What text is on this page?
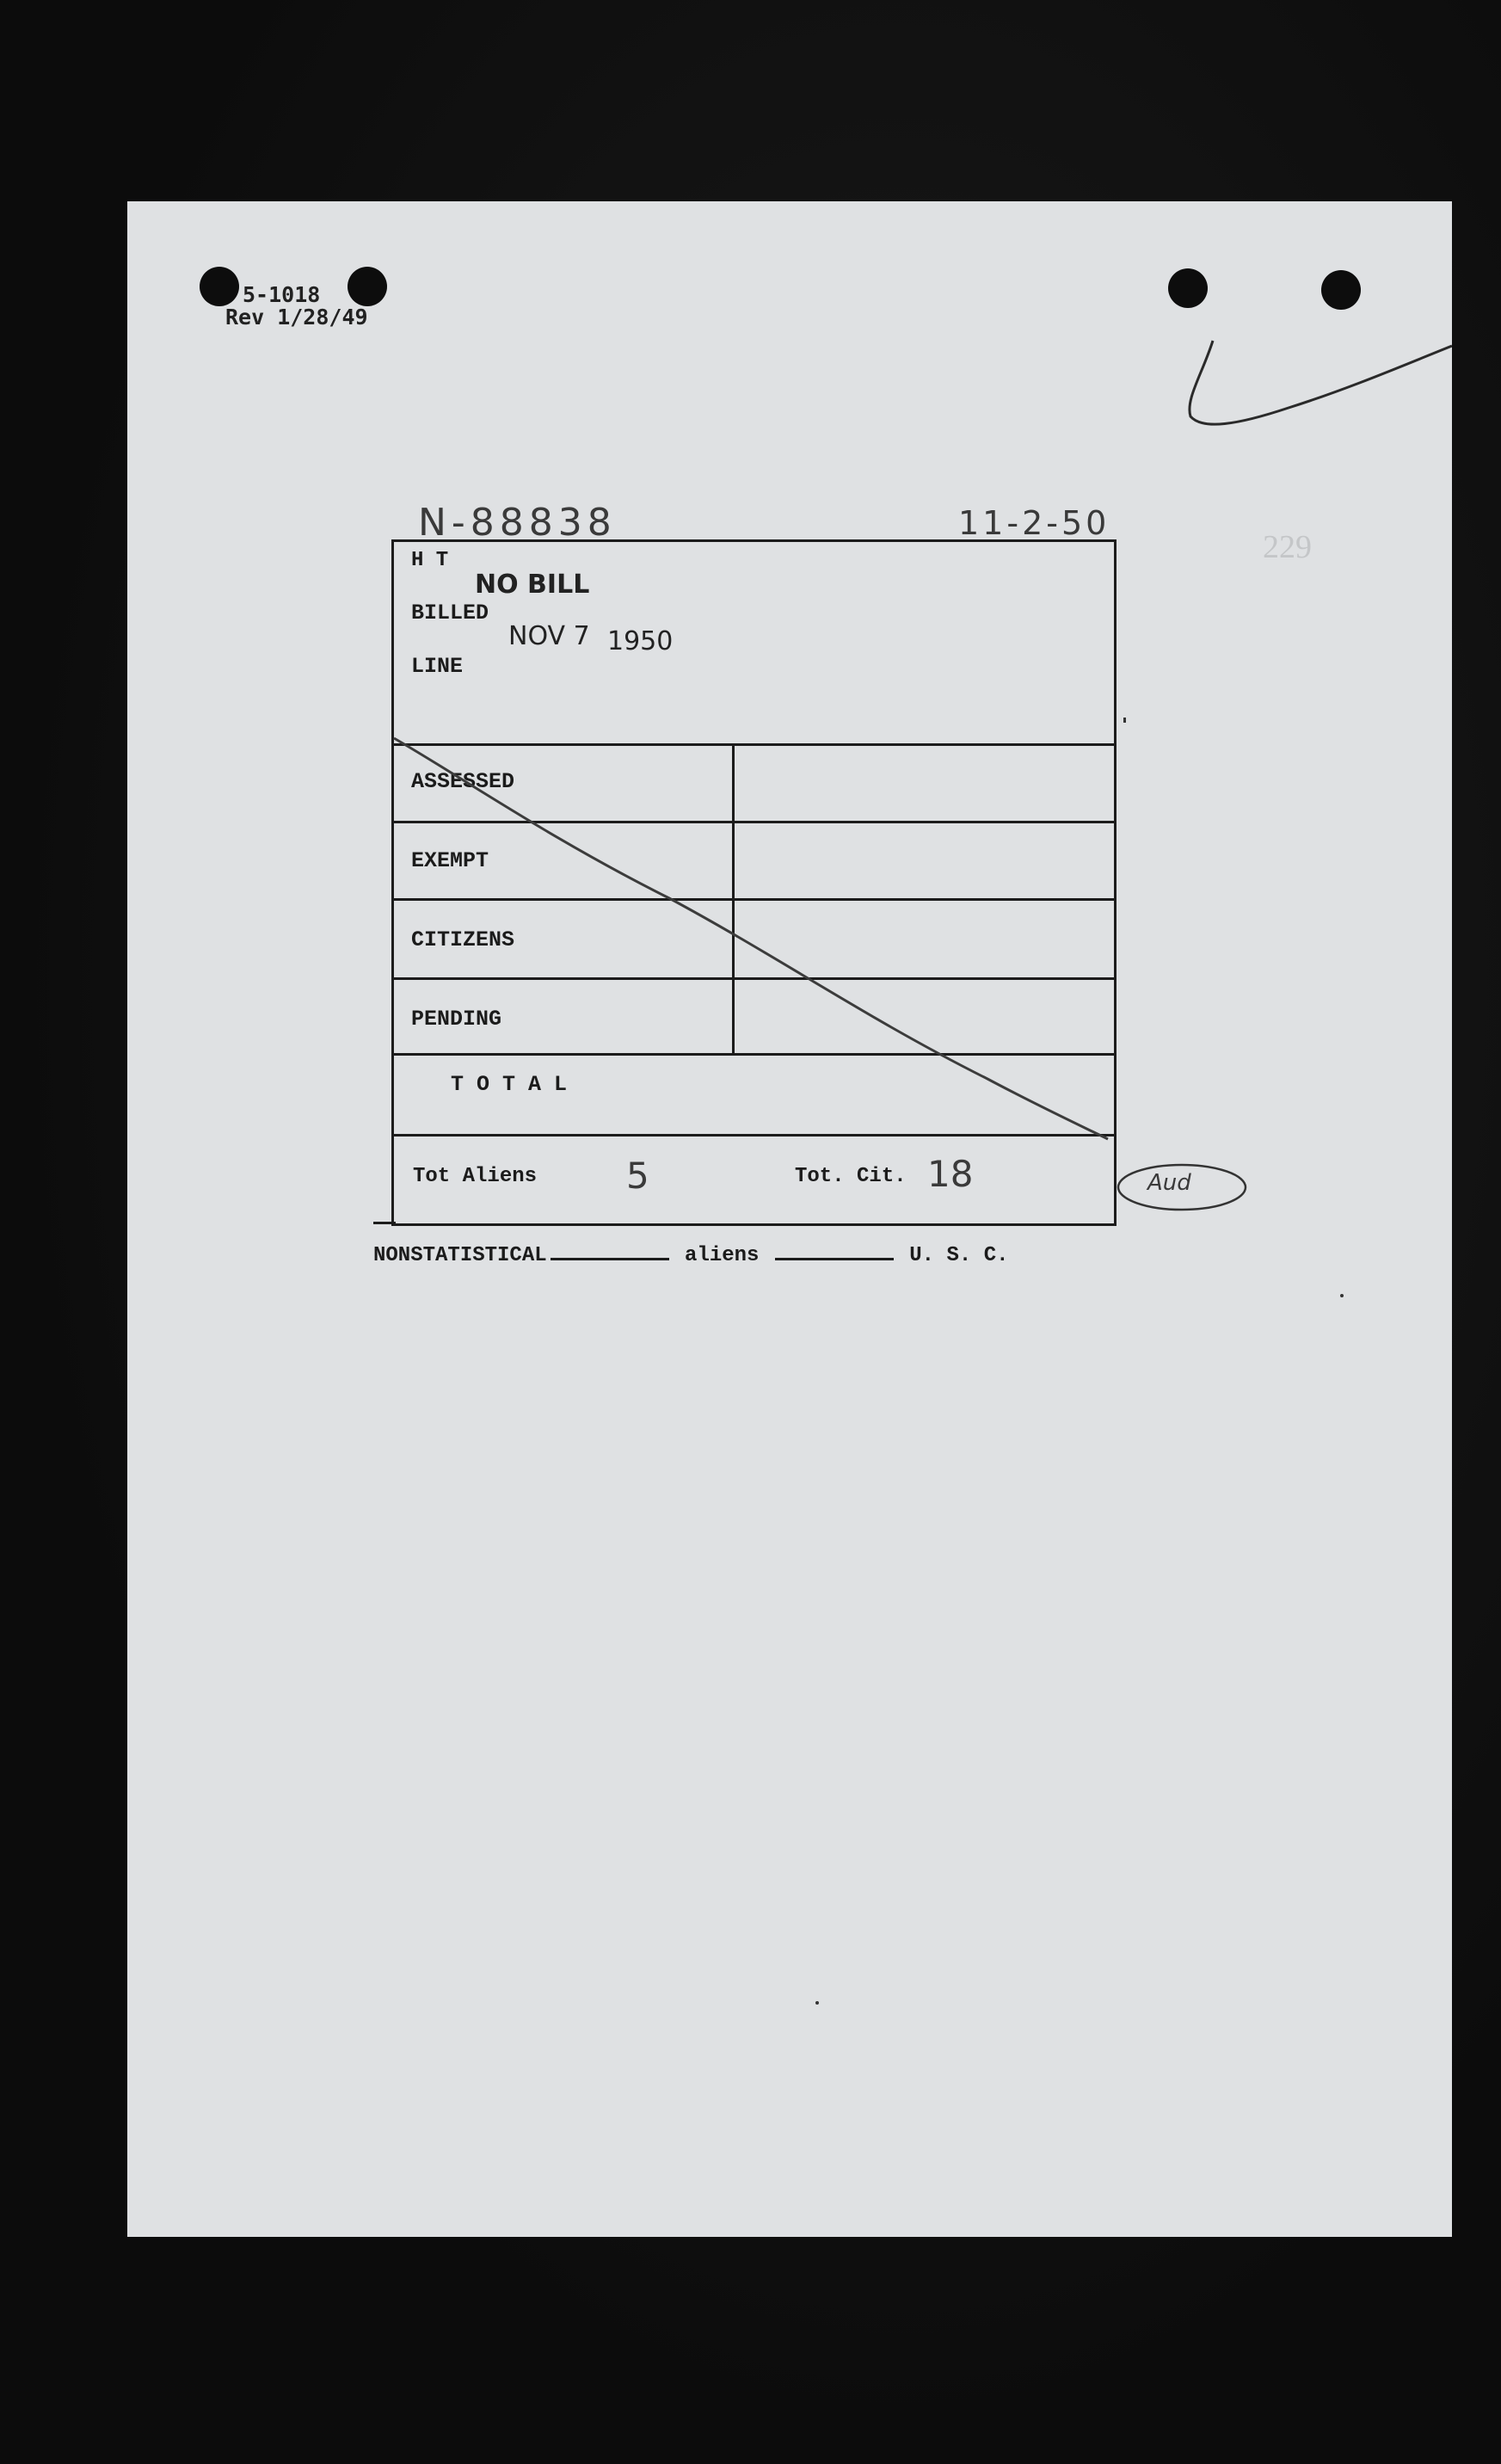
5-1018
Rev 1/28/49
N-88838	11-2-50
229
H T
NO BILL
BILLED
NOV 7 1950
LINE
ASSESSED
EXEMPT
CITIZENS
PENDING
T O T A L
Tot Aliens 5	Tot. Cit. 18	Aud
NONSTATISTICAL	aliens	U. S. C.
